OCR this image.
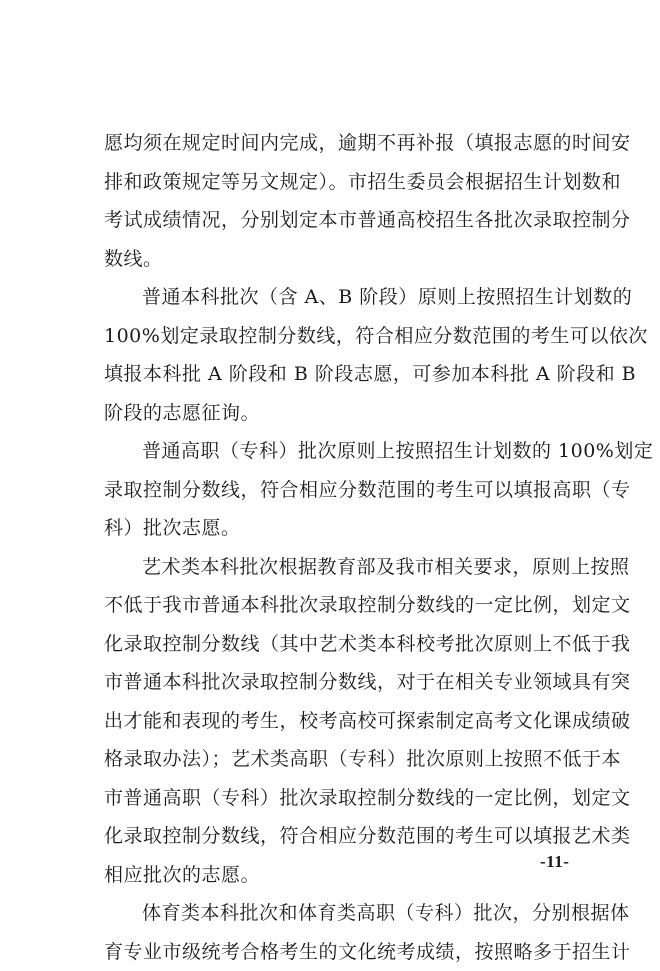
愿均须在规定时间内完成，逾期不再补报（填报志愿的时间安
排和政策规定等另文规定）。市招生委员会根据招生计划数和
考试成绩情况，分别划定本市普通高校招生各批次录取控制分
数线。
普通本科批次（含 A、B 阶段）原则上按照招生计划数的
100%划定录取控制分数线，符合相应分数范围的考生可以依次
填报本科批 A 阶段和 B 阶段志愿，可参加本科批 A 阶段和 B
阶段的志愿征询。
普通高职（专科）批次原则上按照招生计划数的 100%划定
录取控制分数线，符合相应分数范围的考生可以填报高职（专
科）批次志愿。
艺术类本科批次根据教育部及我市相关要求，原则上按照
不低于我市普通本科批次录取控制分数线的一定比例，划定文
化录取控制分数线（其中艺术类本科校考批次原则上不低于我
市普通本科批次录取控制分数线，对于在相关专业领域具有突
出才能和表现的考生，校考高校可探索制定高考文化课成绩破
格录取办法）；艺术类高职（专科）批次原则上按照不低于本
市普通高职（专科）批次录取控制分数线的一定比例，划定文
化录取控制分数线，符合相应分数范围的考生可以填报艺术类
相应批次的志愿。
体育类本科批次和体育类高职（专科）批次，分别根据体
育专业市级统考合格考生的文化统考成绩，按照略多于招生计
-11-
